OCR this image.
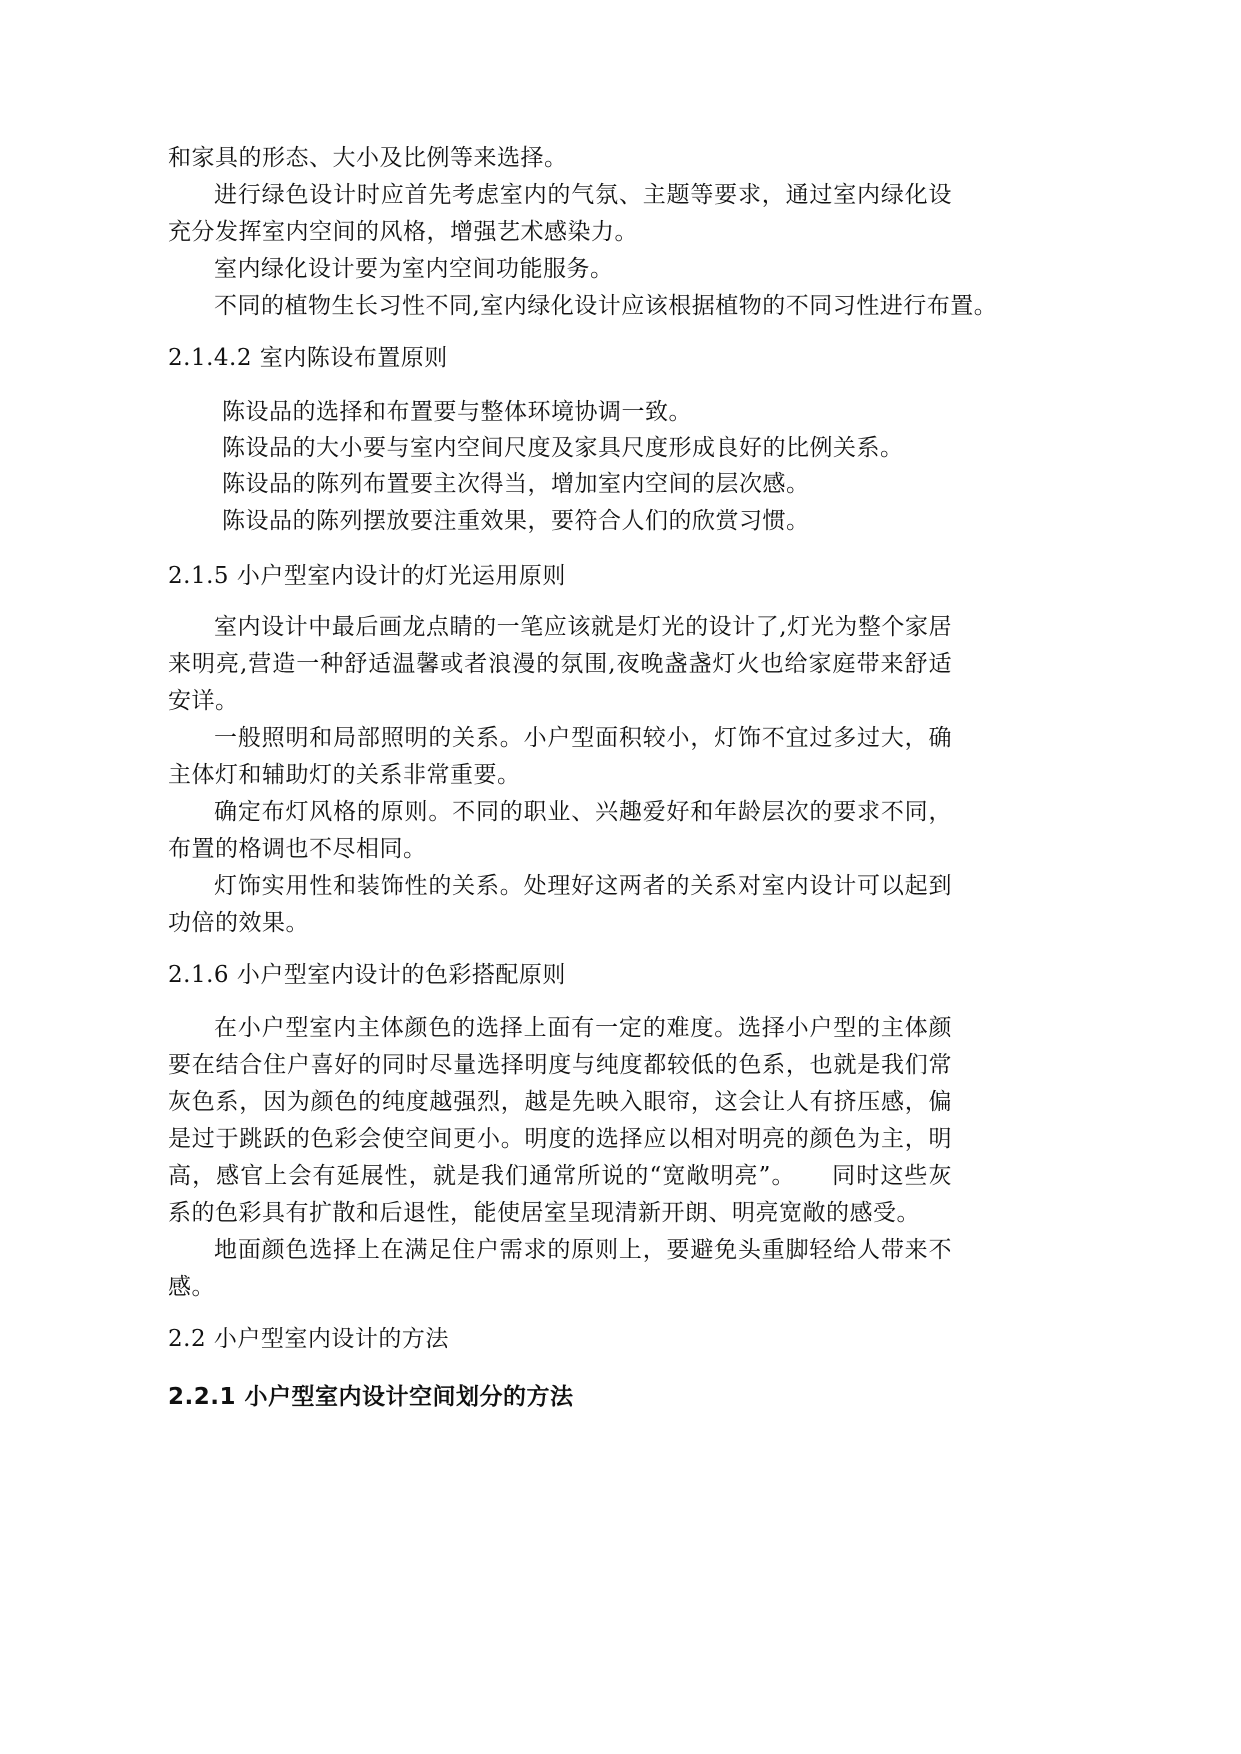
和家具的形态、大小及比例等来选择。
进行绿色设计时应首先考虑室内的气氛、主题等要求，通过室内绿化设
充分发挥室内空间的风格，增强艺术感染力。
室内绿化设计要为室内空间功能服务。
不同的植物生长习性不同,室内绿化设计应该根据植物的不同习性进行布置。
2.1.4.2 室内陈设布置原则
陈设品的选择和布置要与整体环境协调一致。
陈设品的大小要与室内空间尺度及家具尺度形成良好的比例关系。
陈设品的陈列布置要主次得当，增加室内空间的层次感。
陈设品的陈列摆放要注重效果，要符合人们的欣赏习惯。
2.1.5 小户型室内设计的灯光运用原则
室内设计中最后画龙点睛的一笔应该就是灯光的设计了,灯光为整个家居
来明亮,营造一种舒适温馨或者浪漫的氛围,夜晚盏盏灯火也给家庭带来舒适
安详。
一般照明和局部照明的关系。小户型面积较小，灯饰不宜过多过大，确
主体灯和辅助灯的关系非常重要。
确定布灯风格的原则。不同的职业、兴趣爱好和年龄层次的要求不同，
布置的格调也不尽相同。
灯饰实用性和装饰性的关系。处理好这两者的关系对室内设计可以起到
功倍的效果。
2.1.6 小户型室内设计的色彩搭配原则
在小户型室内主体颜色的选择上面有一定的难度。选择小户型的主体颜
要在结合住户喜好的同时尽量选择明度与纯度都较低的色系，也就是我们常
灰色系，因为颜色的纯度越强烈，越是先映入眼帘，这会让人有挤压感，偏
是过于跳跃的色彩会使空间更小。明度的选择应以相对明亮的颜色为主，明
高，感官上会有延展性，就是我们通常所说的“宽敞明亮”。　　同时这些灰
系的色彩具有扩散和后退性，能使居室呈现清新开朗、明亮宽敞的感受。
地面颜色选择上在满足住户需求的原则上，要避免头重脚轻给人带来不
感。
2.2 小户型室内设计的方法
2.2.1 小户型室内设计空间划分的方法
